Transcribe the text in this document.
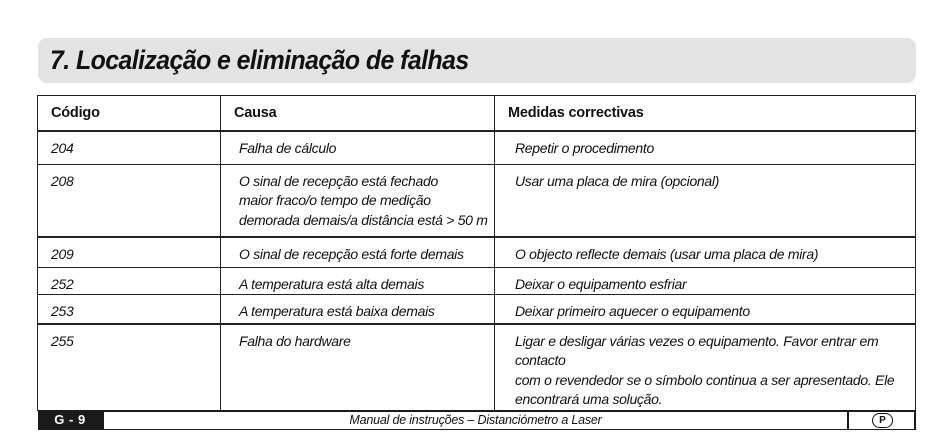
7. Localização e eliminação de falhas
Código	Causa	Medidas correctivas
204	Falha de cálculo	Repetir o procedimento

208	O sinal de recepção está fechado
maior fraco/o tempo de medição
demorada demais/a distância está > 50 m	Usar uma placa de mira (opcional)

209	O sinal de recepção está forte demais	O objecto reflecte demais (usar uma placa de mira)

252	A temperatura está alta demais	Deixar o equipamento esfriar

253	A temperatura está baixa demais	Deixar primeiro aquecer o equipamento

255	Falha do hardware	Ligar e desligar várias vezes o equipamento. Favor entrar em contacto
com o revendedor se o símbolo continua a ser apresentado. Ele
encontrará uma solução.
G - 9	Manual de instruções – Distanciómetro a Laser	P
